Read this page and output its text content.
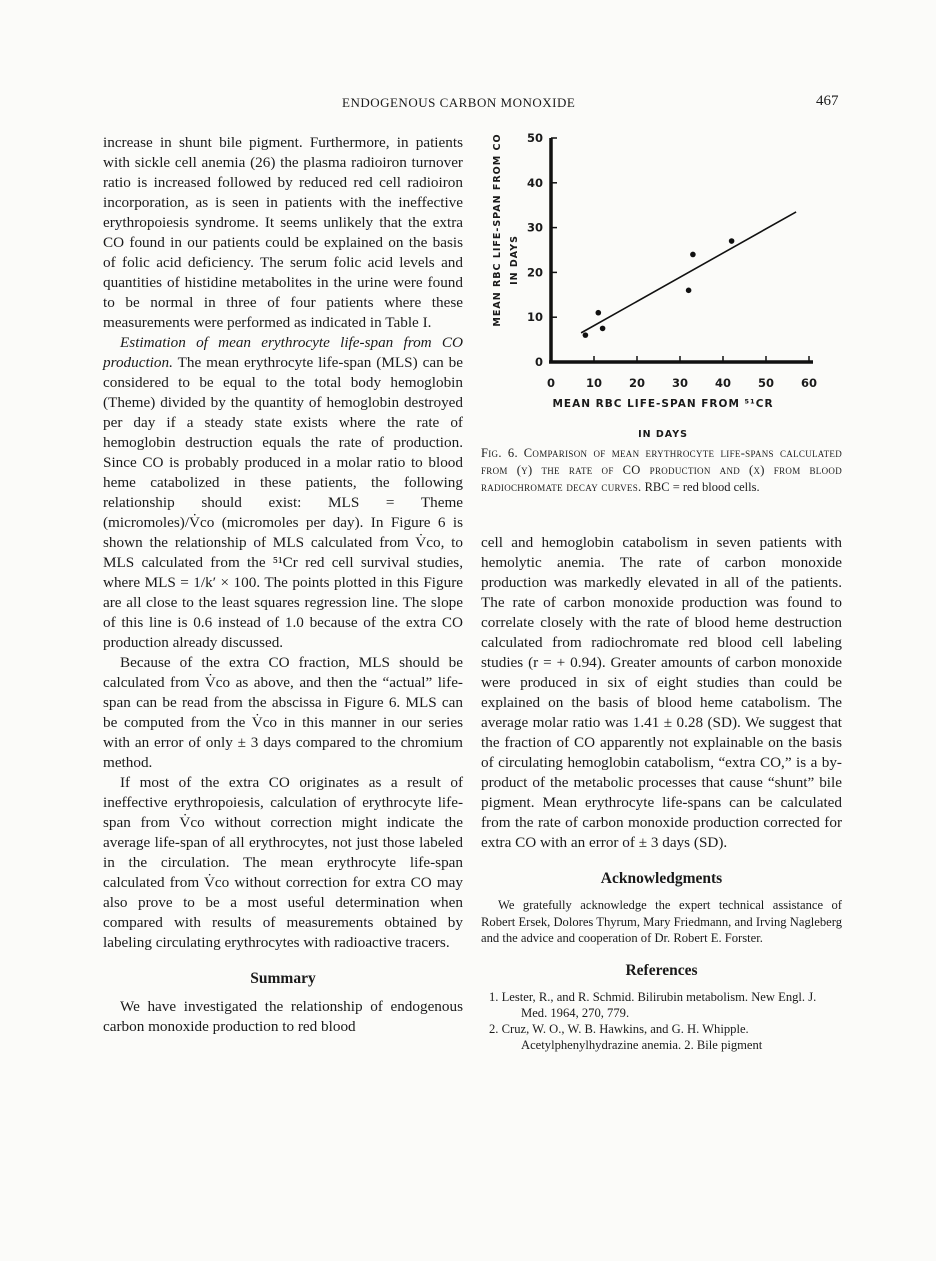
ENDOGENOUS CARBON MONOXIDE	467

increase in shunt bile pigment. Furthermore, in patients with sickle cell anemia (26) the plasma radioiron turnover ratio is increased followed by reduced red cell radioiron incorporation, as is seen in patients with the ineffective erythropoiesis syndrome. It seems unlikely that the extra CO found in our patients could be explained on the basis of folic acid deficiency. The serum folic acid levels and quantities of histidine metabolites in the urine were found to be normal in three of four patients where these measurements were performed as indicated in Table I.

Estimation of mean erythrocyte life-span from CO production. The mean erythrocyte life-span (MLS) can be considered to be equal to the total body hemoglobin (Theme) divided by the quantity of hemoglobin destroyed per day if a steady state exists where the rate of hemoglobin destruction equals the rate of production. Since CO is probably produced in a molar ratio to blood heme catabolized in these patients, the following relationship should exist: MLS = Theme (micromoles)/V̇co (micromoles per day). In Figure 6 is shown the relationship of MLS calculated from V̇co, to MLS calculated from the ⁵¹Cr red cell survival studies, where MLS = 1/k′ × 100. The points plotted in this Figure are all close to the least squares regression line. The slope of this line is 0.6 instead of 1.0 because of the extra CO production already discussed.

Because of the extra CO fraction, MLS should be calculated from V̇co as above, and then the “actual” life-span can be read from the abscissa in Figure 6. MLS can be computed from the V̇co in this manner in our series with an error of only ± 3 days compared to the chromium method.

If most of the extra CO originates as a result of ineffective erythropoiesis, calculation of erythrocyte life-span from V̇co without correction might indicate the average life-span of all erythrocytes, not just those labeled in the circulation. The mean erythrocyte life-span calculated from V̇co without correction for extra CO may also prove to be a most useful determination when compared with results of measurements obtained by labeling circulating erythrocytes with radioactive tracers.

Summary

We have investigated the relationship of endogenous carbon monoxide production to red blood

0
10
20
30
40
50
0	10 20 30 40 50 60
MEAN RBC LIFE-SPAN FROM CO IN DAYS
MEAN RBC LIFE-SPAN FROM ⁵¹CR
IN DAYS
Fig. 6. Comparison of mean erythrocyte life-spans calculated from (y) the rate of CO production and (x) from blood radiochromate decay curves. RBC = red blood cells.

cell and hemoglobin catabolism in seven patients with hemolytic anemia. The rate of carbon monoxide production was markedly elevated in all of the patients. The rate of carbon monoxide production was found to correlate closely with the rate of blood heme destruction calculated from radiochromate red blood cell labeling studies (r = + 0.94). Greater amounts of carbon monoxide were produced in six of eight studies than could be explained on the basis of blood heme catabolism. The average molar ratio was 1.41 ± 0.28 (SD). We suggest that the fraction of CO apparently not explainable on the basis of circulating hemoglobin catabolism, “extra CO,” is a by-product of the metabolic processes that cause “shunt” bile pigment. Mean erythrocyte life-spans can be calculated from the rate of carbon monoxide production corrected for extra CO with an error of ± 3 days (SD).

Acknowledgments
We gratefully acknowledge the expert technical assistance of Robert Ersek, Dolores Thyrum, Mary Friedmann, and Irving Nagleberg and the advice and cooperation of Dr. Robert E. Forster.
References

1. Lester, R., and R. Schmid. Bilirubin metabolism. New Engl. J. Med. 1964, 270, 779.

2. Cruz, W. O., W. B. Hawkins, and G. H. Whipple. Acetylphenylhydrazine anemia. 2. Bile pigment
